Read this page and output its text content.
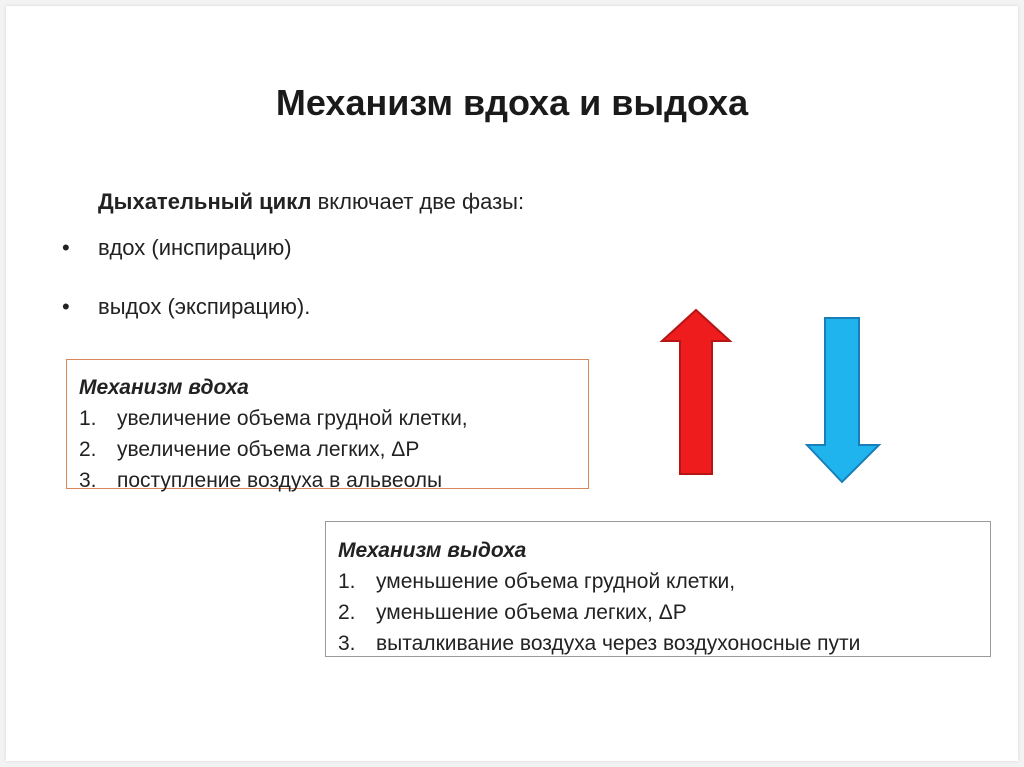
Механизм вдоха и выдоха
Дыхательный цикл включает две фазы:
• вдох (инспирацию)
• выдох (экспирацию).
Механизм вдоха
1. увеличение объема грудной клетки,
2. увеличение объема легких, ΔР
3. поступление воздуха в альвеолы
Механизм выдоха
1. уменьшение объема грудной клетки,
2. уменьшение объема легких, ΔР
3. выталкивание воздуха через воздухоносные пути
